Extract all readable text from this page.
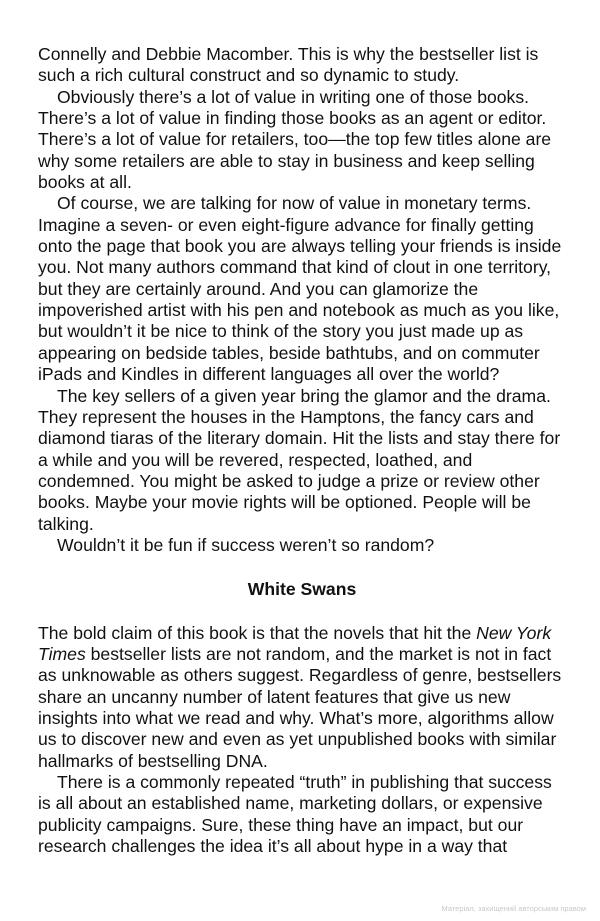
Connelly and Debbie Macomber. This is why the bestseller list is such a rich cultural construct and so dynamic to study.

Obviously there’s a lot of value in writing one of those books. There’s a lot of value in finding those books as an agent or editor. There’s a lot of value for retailers, too—the top few titles alone are why some retailers are able to stay in business and keep selling books at all.

Of course, we are talking for now of value in monetary terms. Imagine a seven- or even eight-figure advance for finally getting onto the page that book you are always telling your friends is inside you. Not many authors command that kind of clout in one territory, but they are certainly around. And you can glamorize the impoverished artist with his pen and notebook as much as you like, but wouldn’t it be nice to think of the story you just made up as appearing on bedside tables, beside bathtubs, and on commuter iPads and Kindles in different languages all over the world?

The key sellers of a given year bring the glamor and the drama. They represent the houses in the Hamptons, the fancy cars and diamond tiaras of the literary domain. Hit the lists and stay there for a while and you will be revered, respected, loathed, and condemned. You might be asked to judge a prize or review other books. Maybe your movie rights will be optioned. People will be talking.

Wouldn’t it be fun if success weren’t so random?

White Swans

The bold claim of this book is that the novels that hit the New York Times bestseller lists are not random, and the market is not in fact as unknowable as others suggest. Regardless of genre, bestsellers share an uncanny number of latent features that give us new insights into what we read and why. What’s more, algorithms allow us to discover new and even as yet unpublished books with similar hallmarks of bestselling DNA.

There is a commonly repeated “truth” in publishing that success is all about an established name, marketing dollars, or expensive publicity campaigns. Sure, these thing have an impact, but our research challenges the idea it’s all about hype in a way that

Матеріал, захищений авторським правом
